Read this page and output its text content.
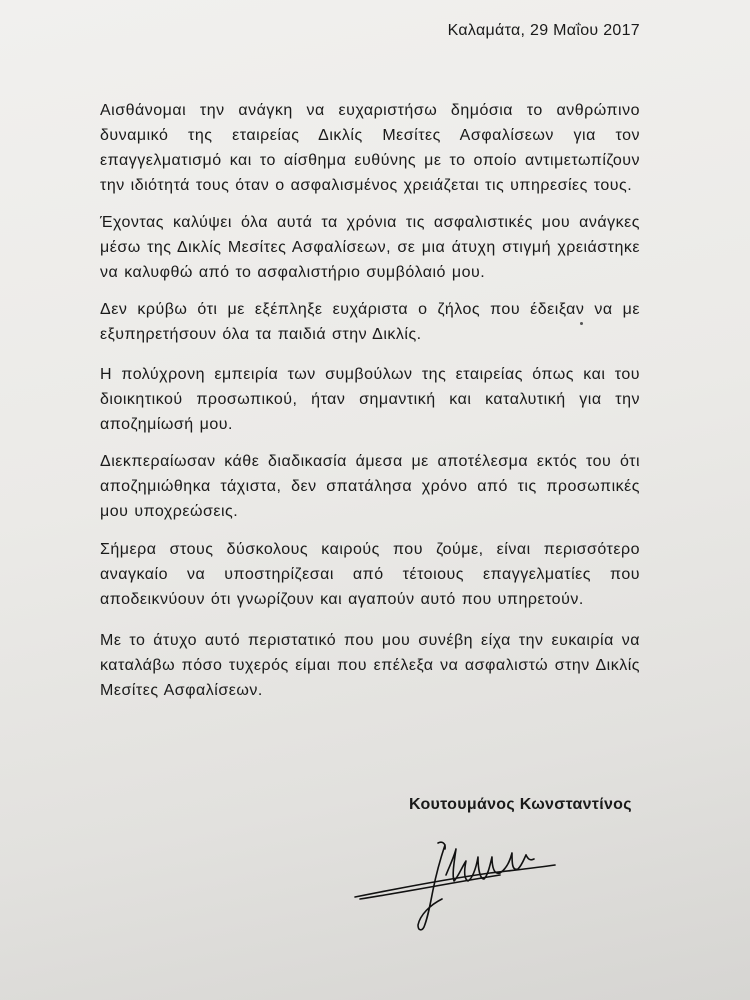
Καλαμάτα, 29 Μαΐου 2017

Αισθάνομαι την ανάγκη να ευχαριστήσω δημόσια το ανθρώπινο δυναμικό της εταιρείας Δικλίς Μεσίτες Ασφαλίσεων για τον επαγγελματισμό και το αίσθημα ευθύνης με το οποίο αντιμετωπίζουν την ιδιότητά τους όταν ο ασφαλισμένος χρειάζεται τις υπηρεσίες τους.

Έχοντας καλύψει όλα αυτά τα χρόνια τις ασφαλιστικές μου ανάγκες μέσω της Δικλίς Μεσίτες Ασφαλίσεων, σε μια άτυχη στιγμή χρειάστηκε να καλυφθώ από το ασφαλιστήριο συμβόλαιό μου.

Δεν κρύβω ότι με εξέπληξε ευχάριστα ο ζήλος που έδειξαν να με εξυπηρετήσουν όλα τα παιδιά στην Δικλίς.

Η πολύχρονη εμπειρία των συμβούλων της εταιρείας όπως και του διοικητικού προσωπικού, ήταν σημαντική και καταλυτική για την αποζημίωσή μου.

Διεκπεραίωσαν κάθε διαδικασία άμεσα με αποτέλεσμα εκτός του ότι αποζημιώθηκα τάχιστα, δεν σπατάλησα χρόνο από τις προσωπικές μου υποχρεώσεις.

Σήμερα στους δύσκολους καιρούς που ζούμε, είναι περισσότερο αναγκαίο να υποστηρίζεσαι από τέτοιους επαγγελματίες που αποδεικνύουν ότι γνωρίζουν και αγαπούν αυτό που υπηρετούν.

Με το άτυχο αυτό περιστατικό που μου συνέβη είχα την ευκαιρία να καταλάβω πόσο τυχερός είμαι που επέλεξα να ασφαλιστώ στην Δικλίς Μεσίτες Ασφαλίσεων.

Κουτουμάνος Κωνσταντίνος
